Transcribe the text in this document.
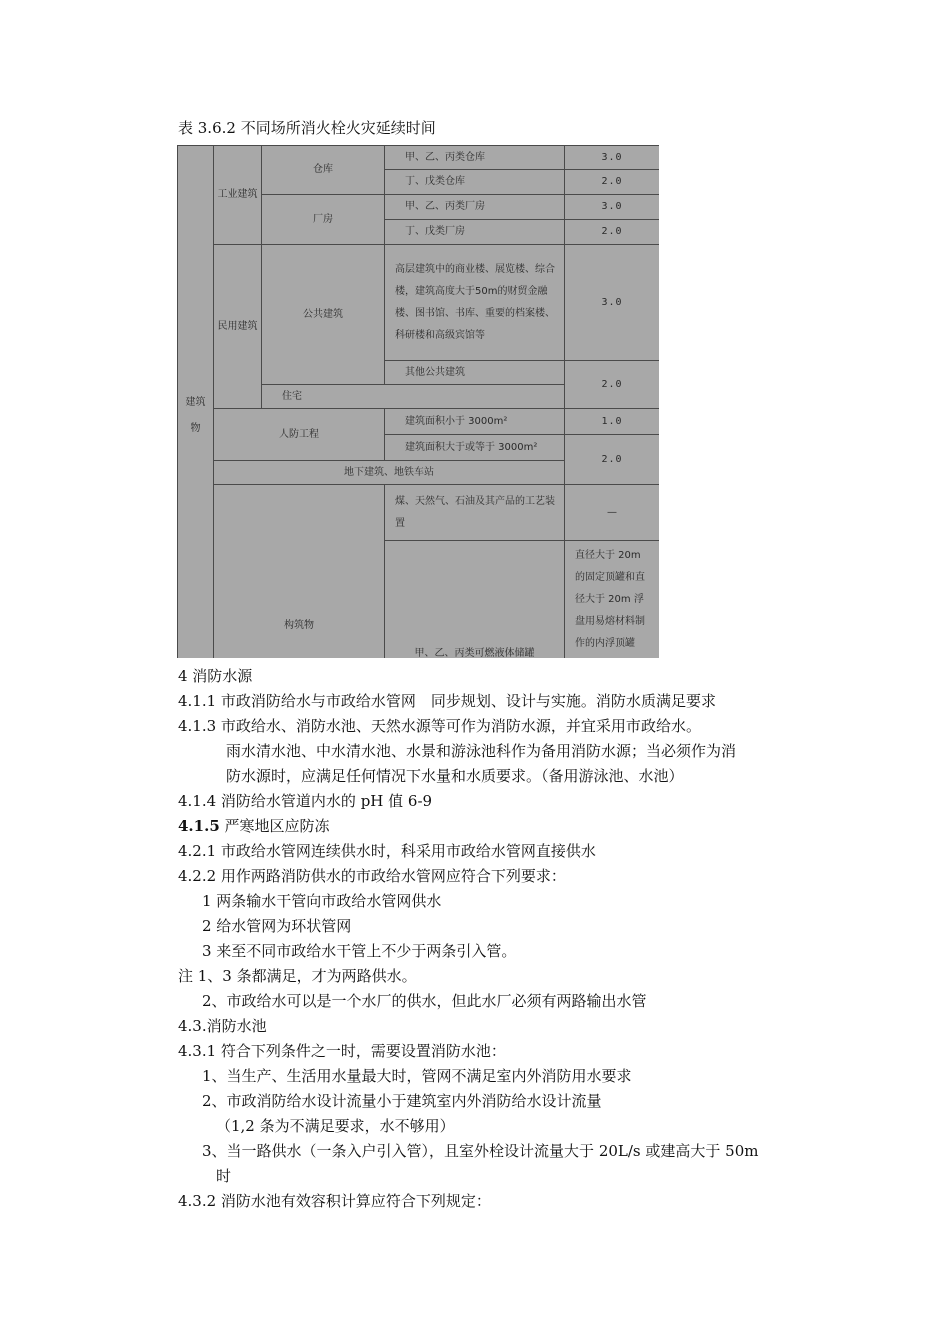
表 3.6.2 不同场所消火栓火灾延续时间
建筑物	工业建筑	仓库	甲、乙、丙类仓库	3.0	
			丁、戊类仓库	2.0	
		厂房	甲、乙、丙类厂房	3.0	
			丁、戊类厂房	2.0	
	民用建筑	公共建筑	高层建筑中的商业楼、展览楼、综合楼，建筑高度大于50m的财贸金融楼、图书馆、书库、重要的档案楼、科研楼和高级宾馆等	3.0	
			其他公共建筑	2.0	
		住宅			
	人防工程		建筑面积小于 3000m²	1.0	
			建筑面积大于或等于 3000m²	2.0	
	地下建筑、地铁车站				
	构筑物		煤、天然气、石油及其产品的工艺装置	—	
			甲、乙、丙类可燃液体储罐	直径大于 20m 的固定顶罐和直径大于 20m 浮盘用易熔材料制作的内浮顶罐	

4 消防水源
4.1.1 市政消防给水与市政给水管网　同步规划、设计与实施。消防水质满足要求
4.1.3 市政给水、消防水池、天然水源等可作为消防水源，并宜采用市政给水。
雨水清水池、中水清水池、水景和游泳池科作为备用消防水源；当必须作为消
防水源时，应满足任何情况下水量和水质要求。（备用游泳池、水池）
4.1.4 消防给水管道内水的 pH 值 6-9
4.1.5 严寒地区应防冻
4.2.1 市政给水管网连续供水时，科采用市政给水管网直接供水
4.2.2 用作两路消防供水的市政给水管网应符合下列要求：
1 两条输水干管向市政给水管网供水
2 给水管网为环状管网
3 来至不同市政给水干管上不少于两条引入管。
注 1、3 条都满足，才为两路供水。
2、市政给水可以是一个水厂的供水，但此水厂必须有两路输出水管
4.3.消防水池
4.3.1 符合下列条件之一时，需要设置消防水池：
1、当生产、生活用水量最大时，管网不满足室内外消防用水要求
2、市政消防给水设计流量小于建筑室内外消防给水设计流量
（1,2 条为不满足要求，水不够用）
3、当一路供水（一条入户引入管），且室外栓设计流量大于 20L/s 或建高大于 50m
时
4.3.2 消防水池有效容积计算应符合下列规定：
